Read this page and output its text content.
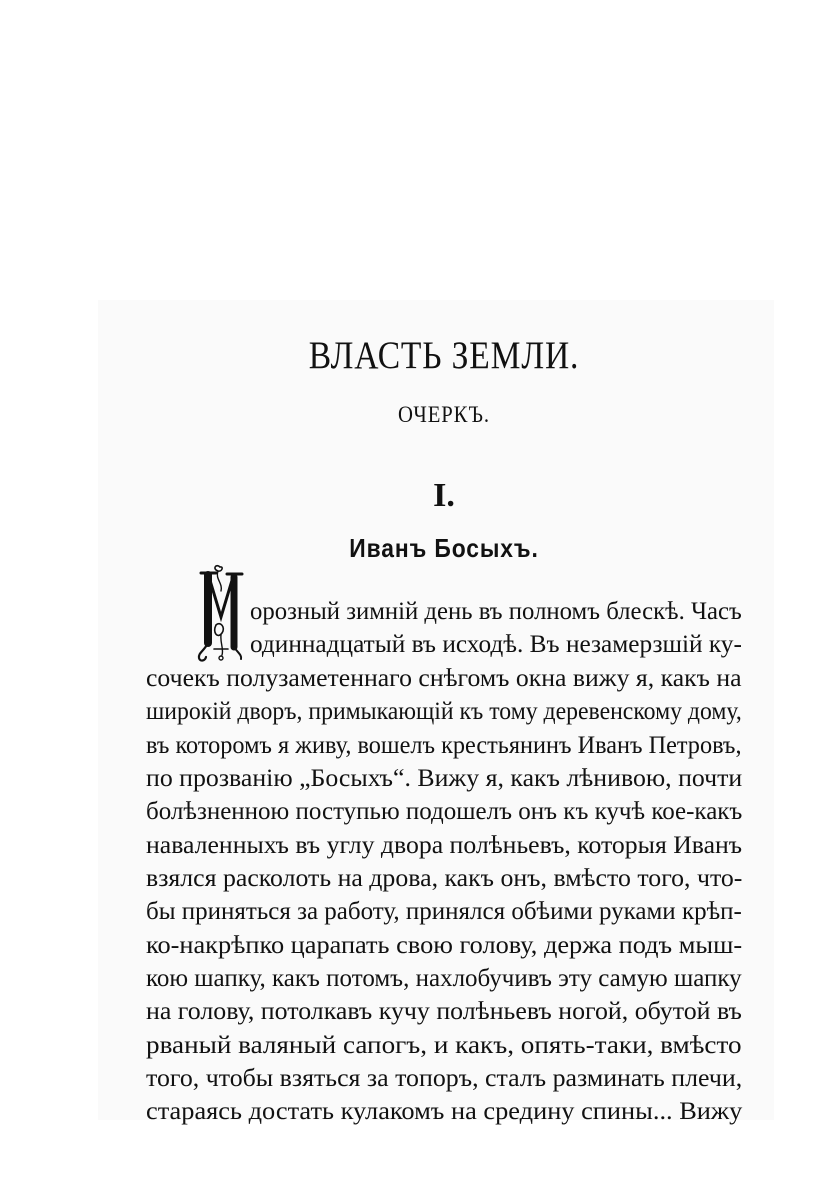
ВЛАСТЬ ЗЕМЛИ.
ОЧЕРКЪ.
I.
Иванъ Босыхъ.
орозный зимній день въ полномъ блескѣ. Часъ
одиннадцатый въ исходѣ. Въ незамерзшій ку-
сочекъ полузаметеннаго снѣгомъ окна вижу я, какъ на
широкій дворъ, примыкающій къ тому деревенскому дому,
въ которомъ я живу, вошелъ крестьянинъ Иванъ Петровъ,
по прозванію „Босыхъ“. Вижу я, какъ лѣнивою, почти
болѣзненною поступью подошелъ онъ къ кучѣ кое-какъ
наваленныхъ въ углу двора полѣньевъ, которыя Иванъ
взялся расколоть на дрова, какъ онъ, вмѣсто того, что-
бы приняться за работу, принялся обѣими руками крѣп-
ко-накрѣпко царапать свою голову, держа подъ мыш-
кою шапку, какъ потомъ, нахлобучивъ эту самую шапку
на голову, потолкавъ кучу полѣньевъ ногой, обутой въ
рваный валяный сапогъ, и какъ, опять-таки, вмѣсто
того, чтобы взяться за топоръ, сталъ разминать плечи,
стараясь достать кулакомъ на средину спины... Вижу
